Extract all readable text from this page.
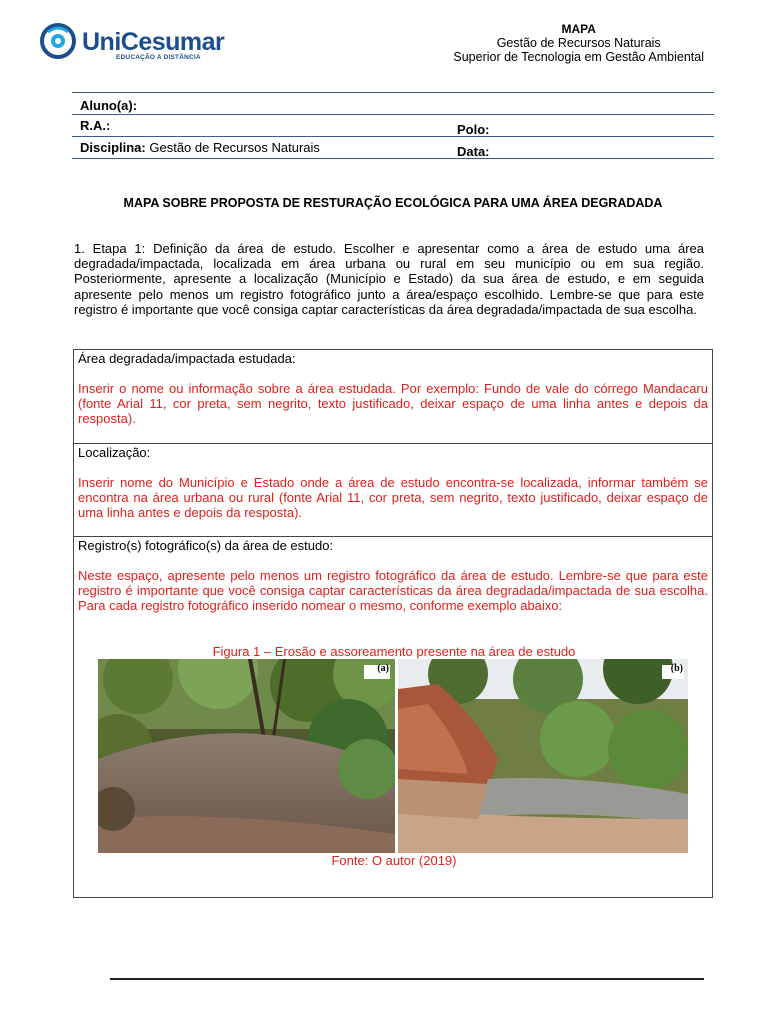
UniCesumar
EDUCAÇÃO A DISTÂNCIA
MAPA
Gestão de Recursos Naturais
Superior de Tecnologia em Gestão Ambiental
Aluno(a):
R.A.:	Polo:
Disciplina: Gestão de Recursos Naturais	Data:
MAPA SOBRE PROPOSTA DE RESTURAÇÃO ECOLÓGICA PARA UMA ÁREA DEGRADADA
1. Etapa 1: Definição da área de estudo. Escolher e apresentar como a área de estudo uma área degradada/impactada, localizada em área urbana ou rural em seu município ou em sua região. Posteriormente, apresente a localização (Município e Estado) da sua área de estudo, e em seguida apresente pelo menos um registro fotográfico junto a área/espaço escolhido. Lembre-se que para este registro é importante que você consiga captar características da área degradada/impactada de sua escolha.
Área degradada/impactada estudada:
Inserir o nome ou informação sobre a área estudada. Por exemplo: Fundo de vale do córrego Mandacaru (fonte Arial 11, cor preta, sem negrito, texto justificado, deixar espaço de uma linha antes e depois da resposta).
Localização:
Inserir nome do Município e Estado onde a área de estudo encontra-se localizada, informar também se encontra na área urbana ou rural (fonte Arial 11, cor preta, sem negrito, texto justificado, deixar espaço de uma linha antes e depois da resposta).
Registro(s) fotográfico(s) da área de estudo:
Neste espaço, apresente pelo menos um registro fotográfico da área de estudo. Lembre-se que para este registro é importante que você consiga captar características da área degradada/impactada de sua escolha. Para cada registro fotográfico inserido nomear o mesmo, conforme exemplo abaixo:
Figura 1 – Erosão e assoreamento presente na área de estudo
(a)	(b)
Fonte: O autor (2019)
